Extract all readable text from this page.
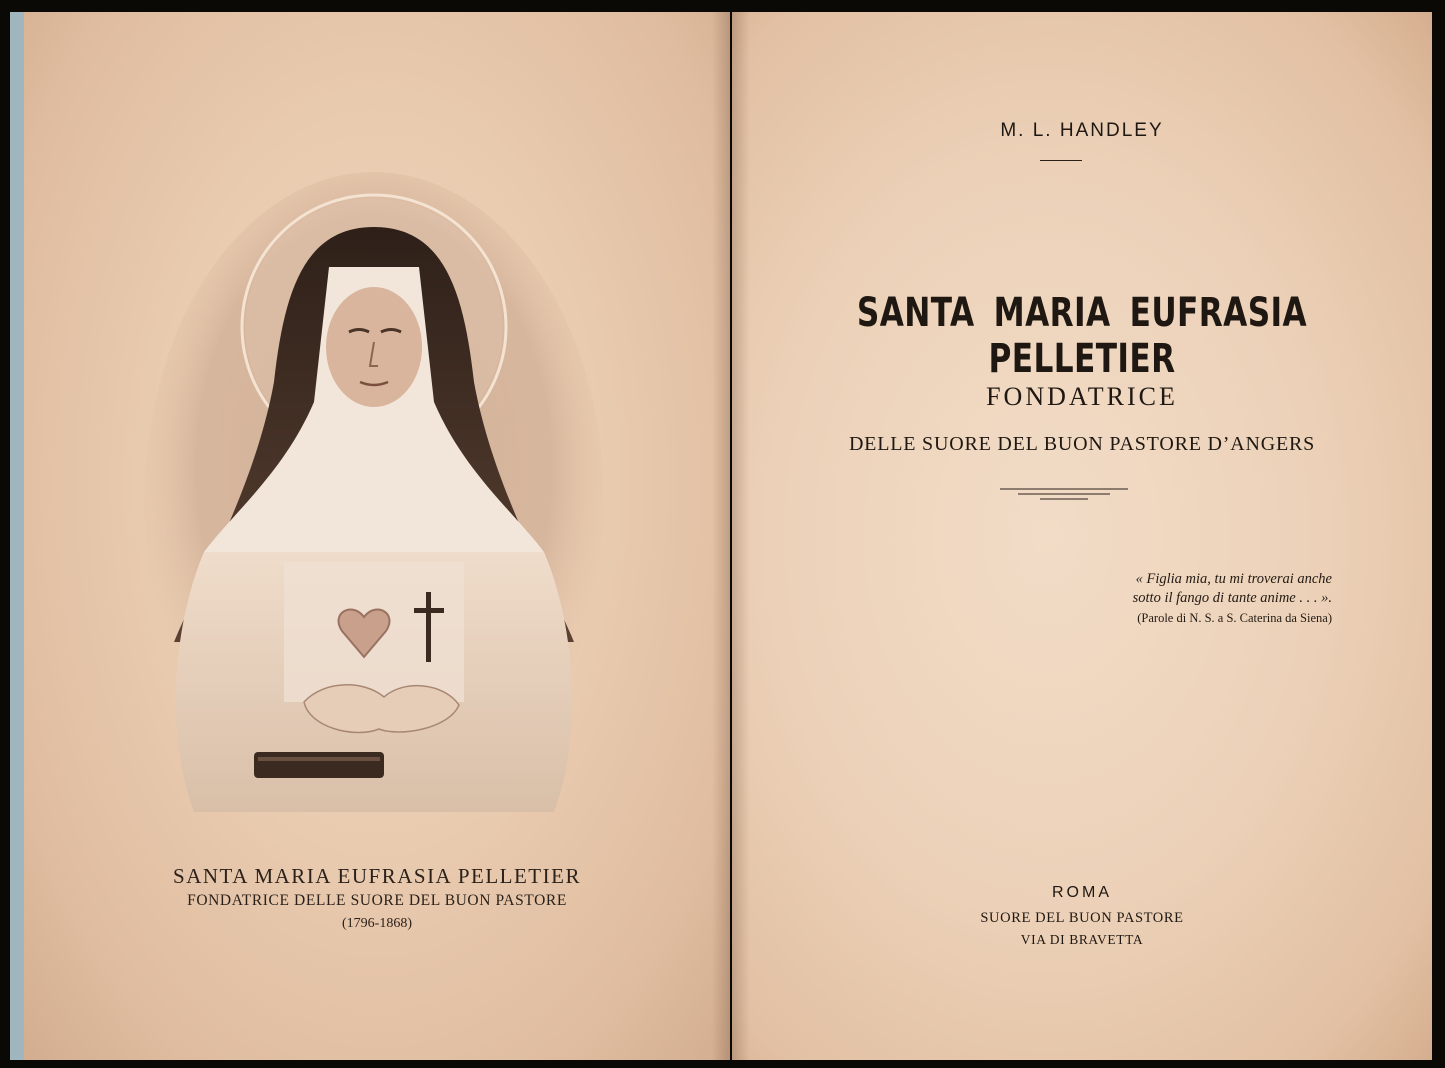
SANTA MARIA EUFRASIA PELLETIER
FONDATRICE DELLE SUORE DEL BUON PASTORE
(1796-1868)
M. L. HANDLEY
SANTA MARIA EUFRASIA PELLETIER
FONDATRICE
DELLE SUORE DEL BUON PASTORE D’ANGERS
« Figlia mia, tu mi troverai anche
sotto il fango di tante anime . . . ».
(Parole di N. S. a S. Caterina da Siena)
ROMA
SUORE DEL BUON PASTORE
VIA DI BRAVETTA
